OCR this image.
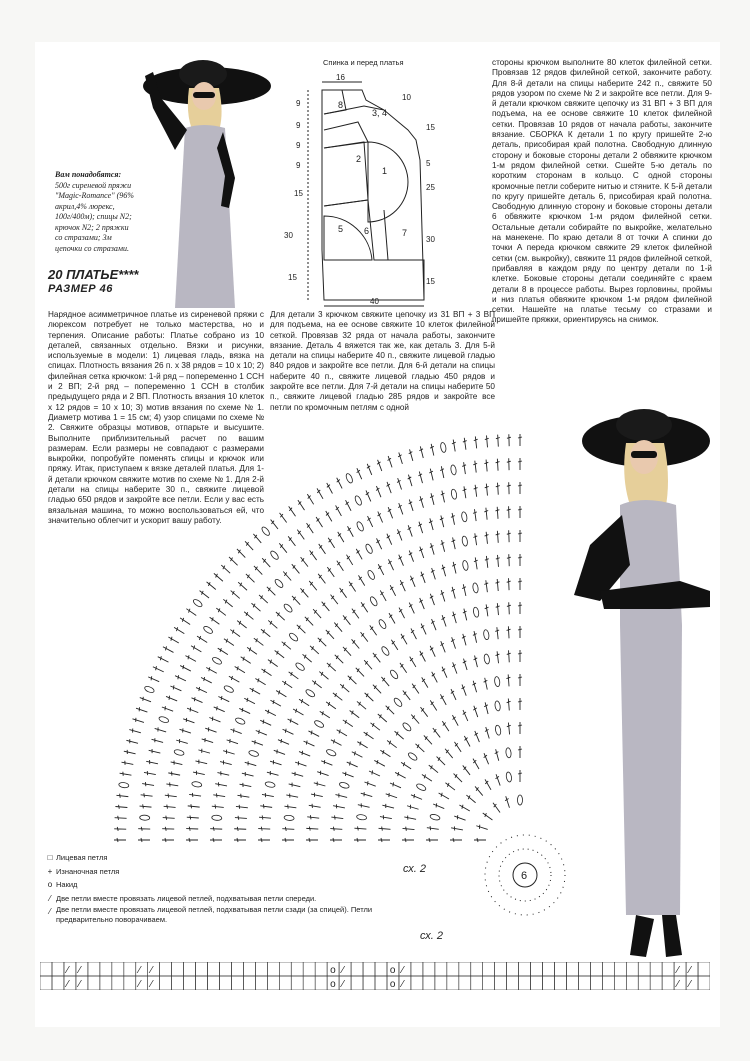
Вам понадобятся: 500г сиреневой пряжи "Magic-Romance" (96% акрил,4% люрекс, 100г/400м); спицы N2; крючок N2; 2 пряжки со стразами; 3м цепочки со стразами.
20 ПЛАТЬЕ****
РАЗМЕР 46
Спинка и перед платья
16
9
9
9
9
10
15
5
25
15
30	30
15	15
40
8
3, 4
2
1
5 6	7
Нарядное асимметричное платье из сиреневой пряжи с люрексом потребует не только мастерства, но и терпения. Описание работы: Платье собрано из 10 деталей, связанных отдельно. Вязки и рисунки, используемые в модели: 1) лицевая гладь, вязка на спицах. Плотность вязания 26 п. х 38 рядов = 10 х 10; 2) филейная сетка крючком: 1-й ряд – попеременно 1 ССН и 2 ВП; 2-й ряд – попеременно 1 ССН в столбик предыдущего ряда и 2 ВП. Плотность вязания 10 клеток х 12 рядов = 10 х 10; 3) мотив вязания по схеме № 1. Диаметр мотива 1 = 15 см; 4) узор спицами по схеме № 2. Свяжите образцы мотивов, отпарьте и высушите. Выполните приблизительный расчет по вашим размерам. Если размеры не совпадают с размерами выкройки, попробуйте поменять спицы и крючок или пряжу. Итак, приступаем к вязке деталей платья. Для 1-й детали крючком свяжите мотив по схеме № 1. Для 2-й детали на спицы наберите 30 п., свяжите лицевой гладью 650 рядов и закройте все петли. Если у вас есть вязальная машина, то можно воспользоваться ей, что значительно облегчит и ускорит вашу работу.
Для детали 3 крючком свяжите цепочку из 31 ВП + 3 ВП для подъема, на ее основе свяжите 10 клеток филейной сеткой. Провязав 32 ряда от начала работы, закончите вязание. Деталь 4 вяжется так же, как деталь 3. Для 5-й детали на спицы наберите 40 п., свяжите лицевой гладью 840 рядов и закройте все петли. Для 6-й детали на спицы наберите 40 п., свяжите лицевой гладью 450 рядов и закройте все петли. Для 7-й детали на спицы наберите 50 п., свяжите лицевой гладью 285 рядов и закройте все петли по кромочным петлям с одной
стороны крючком выполните 80 клеток филейной сетки. Провязав 12 рядов филейной сеткой, закончите работу. Для 8-й детали на спицы наберите 242 п., свяжите 50 рядов узором по схеме № 2 и закройте все петли. Для 9-й детали крючком свяжите цепочку из 31 ВП + 3 ВП для подъема, на ее основе свяжите 10 клеток филейной сетки. Провязав 10 рядов от начала работы, закончите вязание. СБОРКА К детали 1 по кругу пришейте 2-ю деталь, присобирая край полотна. Свободную длинную сторону и боковые стороны детали 2 обвяжите крючком 1-м рядом филейной сетки. Сшейте 5-ю деталь по коротким сторонам в кольцо. С одной стороны кромочные петли соберите нитью и стяните. К 5-й детали по кругу пришейте деталь 6, присобирая край полотна. Свободную длинную сторону и боковые стороны детали 6 обвяжите крючком 1-м рядом филейной сетки. Остальные детали собирайте по выкройке, желательно на манекене. По краю детали 8 от точки А спинки до точки А переда крючком свяжите 29 клеток филейной сетки (см. выкройку), свяжите 11 рядов филейной сеткой, прибавляя в каждом ряду по центру детали по 1-й клетке. Боковые стороны детали соединяйте с краем детали 8 в процессе работы. Вырез горловины, проймы и низ платья обвяжите крючком 1-м рядом филейной сетки. Нашейте на платье тесьму со стразами и пришейте пряжки, ориентируясь на снимок.
6
сх. 2
сх. 2
□ Лицевая петля
+ Изнаночная петля
o Накид
⁄ Две петли вместе провязать лицевой петлей, подхватывая петли спереди.
⁄ Две петли вместе провязать лицевой петлей, подхватывая петли сзади (за спицей). Петли предварительно поворачиваем.
⁄	⁄	⁄	⁄	o ⁄	o ⁄	⁄	⁄
⁄	⁄	⁄	⁄	o ⁄	o ⁄	⁄	⁄
